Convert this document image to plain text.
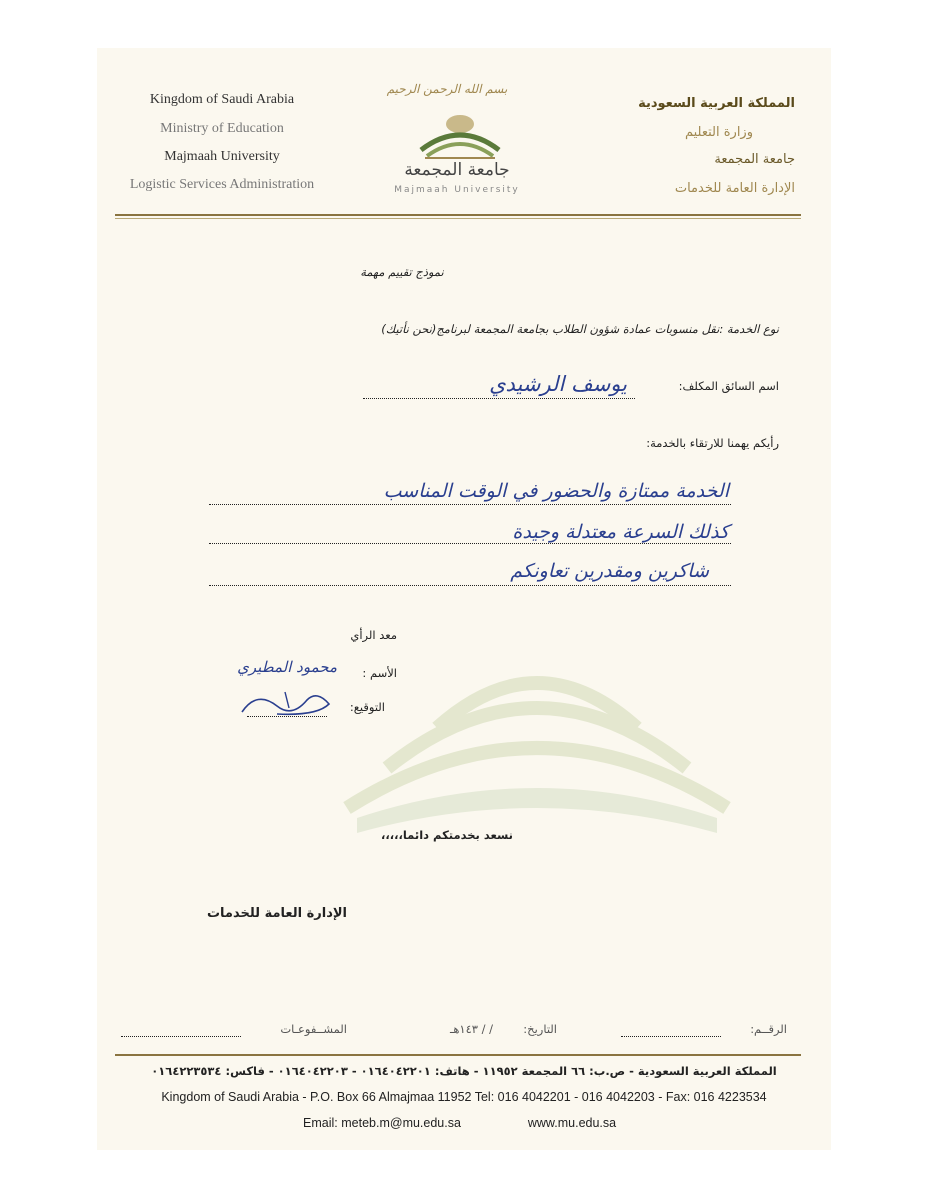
Kingdom of Saudi Arabia
Ministry of Education
Majmaah University
Logistic Services Administration
بسم الله الرحمن الرحيم
جامعة المجمعة
Majmaah University
المملكة العربية السعودية
وزارة التعليم
جامعة المجمعة
الإدارة العامة للخدمات
نموذج تقييم مهمة
نوع الخدمة :نقل منسوبات عمادة شؤون الطلاب بجامعة المجمعة لبرنامج(نحن نأتيك)
اسم السائق المكلف:
يوسف الرشيدي
رأيكم يهمنا للارتقاء بالخدمة:
الخدمة ممتازة والحضور في الوقت المناسب
كذلك السرعة معتدلة وجيدة
شاكرين ومقدرين تعاونكم
معد الرأي
الأسم :
محمود المطيري
التوقيع:
نسعد بخدمتكم دائما،،،،،
الإدارة العامة للخدمات
الرقــم:
التاريخ:
/ / ١٤٣هـ
المشــفوعـات
المملكة العربية السعودية - ص.ب: ٦٦ المجمعة ١١٩٥٢ - هاتف: ٠١٦٤٠٤٢٢٠١ - ٠١٦٤٠٤٢٢٠٣ - فاكس: ٠١٦٤٢٢٣٥٣٤
Kingdom of Saudi Arabia - P.O. Box 66 Almajmaa 11952 Tel: 016 4042201 - 016 4042203 - Fax: 016 4223534
Email: meteb.m@mu.edu.sa	www.mu.edu.sa
